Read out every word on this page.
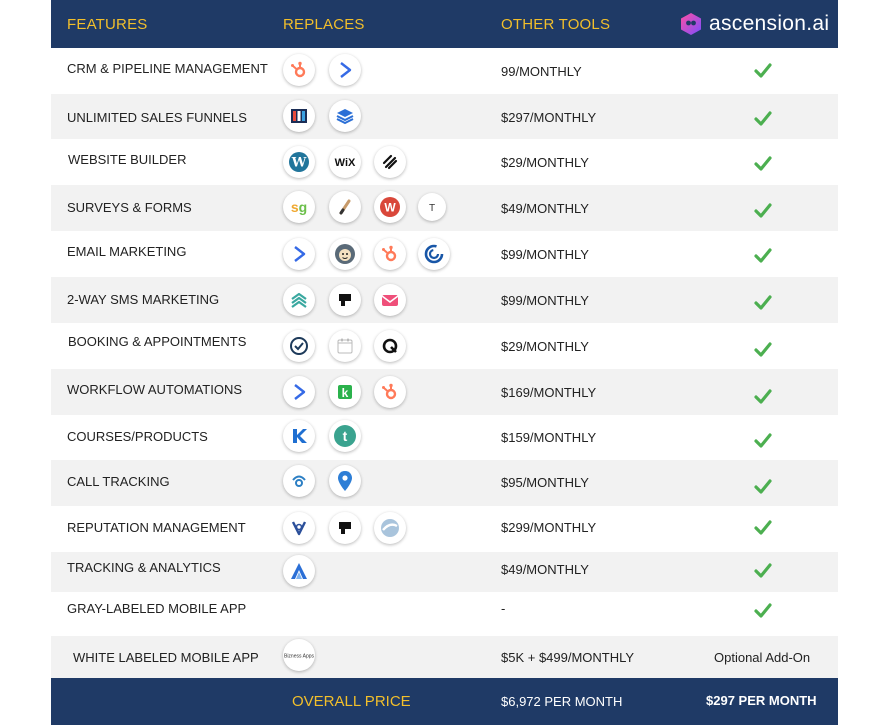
FEATURES	REPLACES	OTHER TOOLS	ascension.ai
CRM & PIPELINE MANAGEMENT	99/MONTHLY
UNLIMITED SALES FUNNELS	$297/MONTHLY
WEBSITE BUILDER	W	WiX	$29/MONTHLY
SURVEYS & FORMS	sg	W	T	$49/MONTHLY
EMAIL MARKETING	$99/MONTHLY
2-WAY SMS MARKETING	$99/MONTHLY
BOOKING & APPOINTMENTS	$29/MONTHLY
WORKFLOW AUTOMATIONS	k	$169/MONTHLY
COURSES/PRODUCTS	t	$159/MONTHLY
CALL TRACKING	$95/MONTHLY
REPUTATION MANAGEMENT	$299/MONTHLY
TRACKING & ANALYTICS	$49/MONTHLY
GRAY-LABELED MOBILE APP	-
WHITE LABELED MOBILE APP	Bizness Apps	$5K + $499/MONTHLY	Optional Add-On
OVERALL PRICE	$6,972 PER MONTH	$297 PER MONTH
